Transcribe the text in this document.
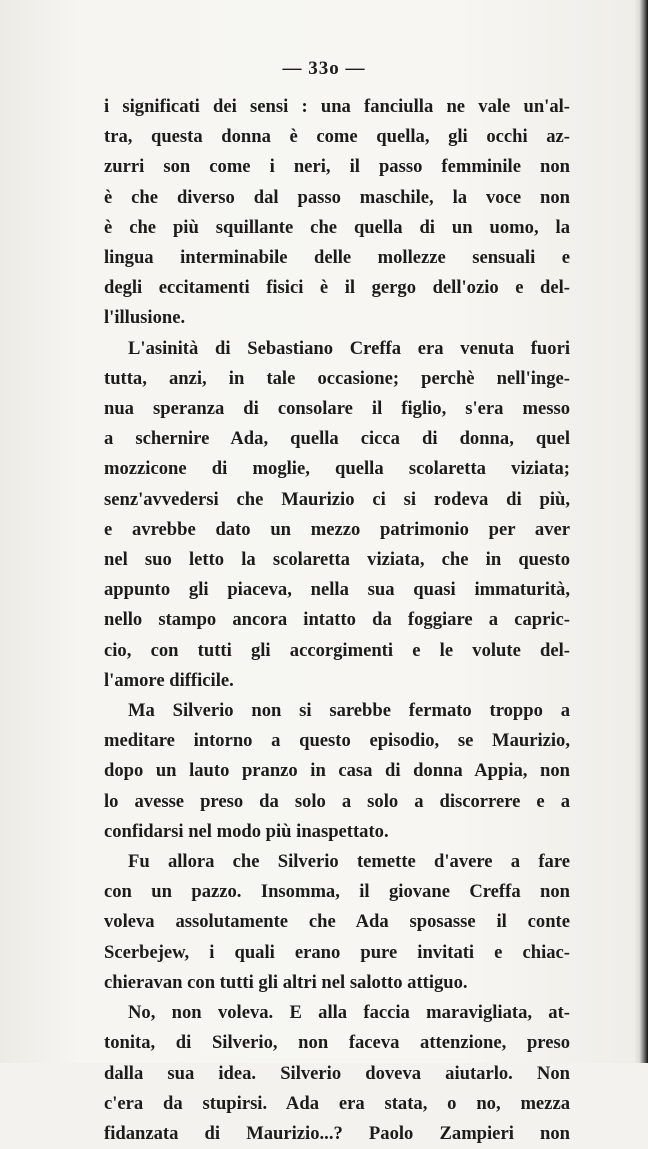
— 33o —

i significati dei sensi : una fanciulla ne vale un'al-
tra, questa donna è come quella, gli occhi az-
zurri son come i neri, il passo femminile non
è che diverso dal passo maschile, la voce non
è che più squillante che quella di un uomo, la
lingua interminabile delle mollezze sensuali e
degli eccitamenti fisici è il gergo dell'ozio e del-
l'illusione.

L'asinità di Sebastiano Creffa era venuta fuori
tutta, anzi, in tale occasione; perchè nell'inge-
nua speranza di consolare il figlio, s'era messo
a schernire Ada, quella cicca di donna, quel
mozzicone di moglie, quella scolaretta viziata;
senz'avvedersi che Maurizio ci si rodeva di più,
e avrebbe dato un mezzo patrimonio per aver
nel suo letto la scolaretta viziata, che in questo
appunto gli piaceva, nella sua quasi immaturità,
nello stampo ancora intatto da foggiare a capric-
cio, con tutti gli accorgimenti e le volute del-
l'amore difficile.

Ma Silverio non si sarebbe fermato troppo a
meditare intorno a questo episodio, se Maurizio,
dopo un lauto pranzo in casa di donna Appia, non
lo avesse preso da solo a solo a discorrere e a
confidarsi nel modo più inaspettato.

Fu allora che Silverio temette d'avere a fare
con un pazzo. Insomma, il giovane Creffa non
voleva assolutamente che Ada sposasse il conte
Scerbejew, i quali erano pure invitati e chiac-
chieravan con tutti gli altri nel salotto attiguo.

No, non voleva. E alla faccia maravigliata, at-
tonita, di Silverio, non faceva attenzione, preso
dalla sua idea. Silverio doveva aiutarlo. Non
c'era da stupirsi. Ada era stata, o no, mezza
fidanzata di Maurizio...? Paolo Zampieri non
